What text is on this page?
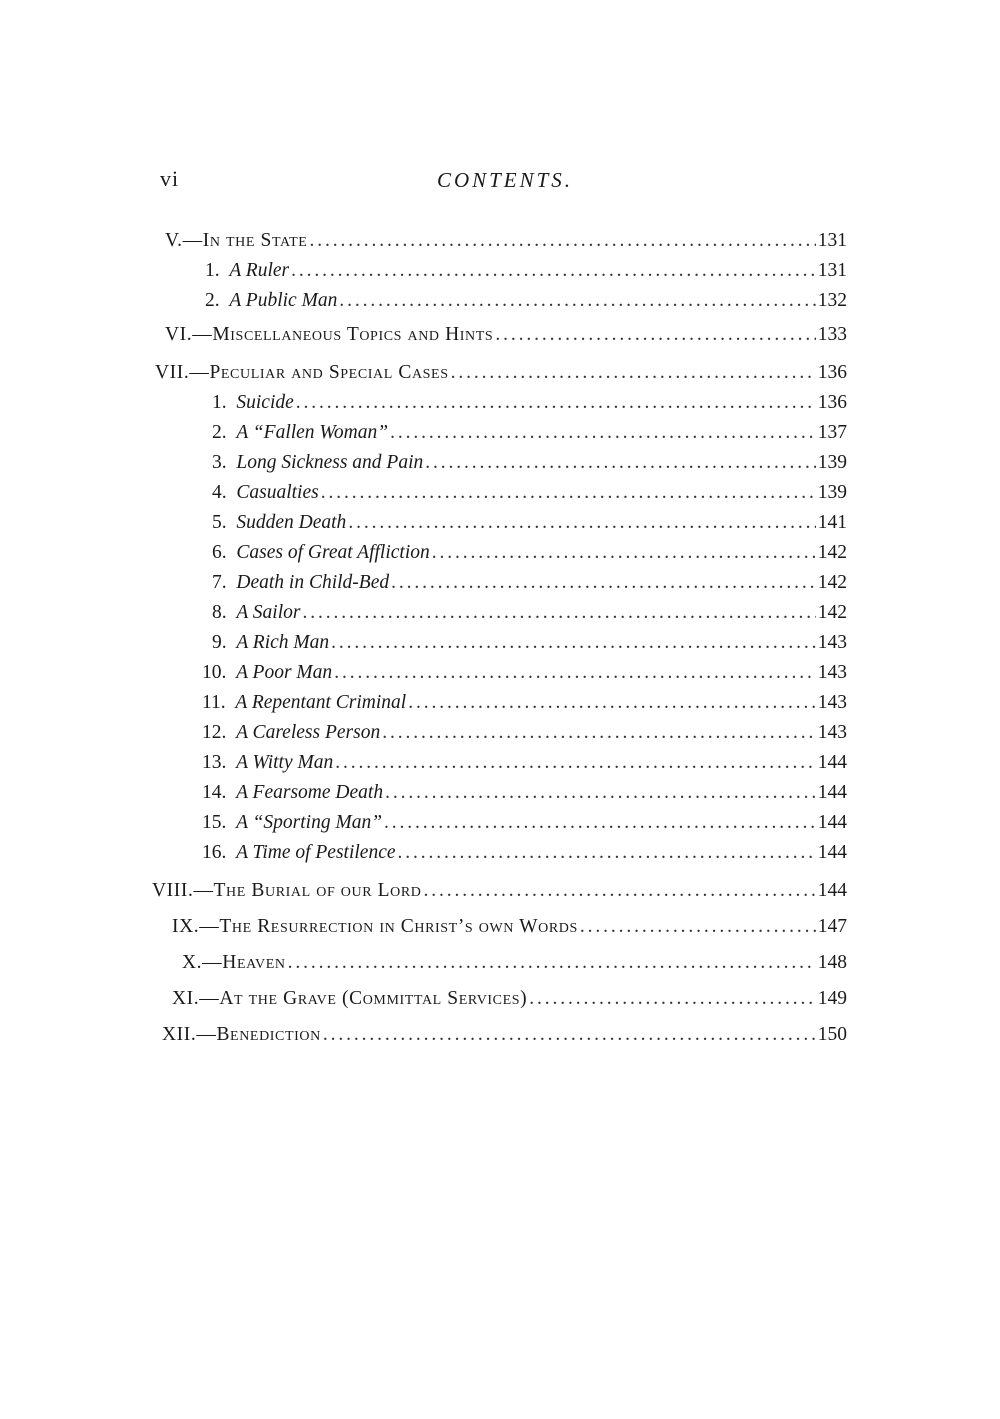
vi	CONTENTS.
V.—In the State . . .	131
1. A Ruler . . .	131
2. A Public Man . . .	132
VI.—Miscellaneous Topics and Hints . . .	133
VII.—Peculiar and Special Cases . . .	136
1. Suicide . . .	136
2. A “Fallen Woman” . . .	137
3. Long Sickness and Pain . . .	139
4. Casualties . . .	139
5. Sudden Death . . .	141
6. Cases of Great Affliction . . .	142
7. Death in Child-Bed . . .	142
8. A Sailor . . .	142
9. A Rich Man . . .	143
10. A Poor Man . . .	143
11. A Repentant Criminal . . .	143
12. A Careless Person . . .	143
13. A Witty Man . . .	144
14. A Fearsome Death . . .	144
15. A “Sporting Man” . . .	144
16. A Time of Pestilence . . .	144
VIII.—The Burial of our Lord . . .	144
IX.—The Resurrection in Christ’s own Words . . .	147
X.—Heaven . . .	148
XI.—At the Grave (Committal Services) . . .	149
XII.—Benediction . . .	150
